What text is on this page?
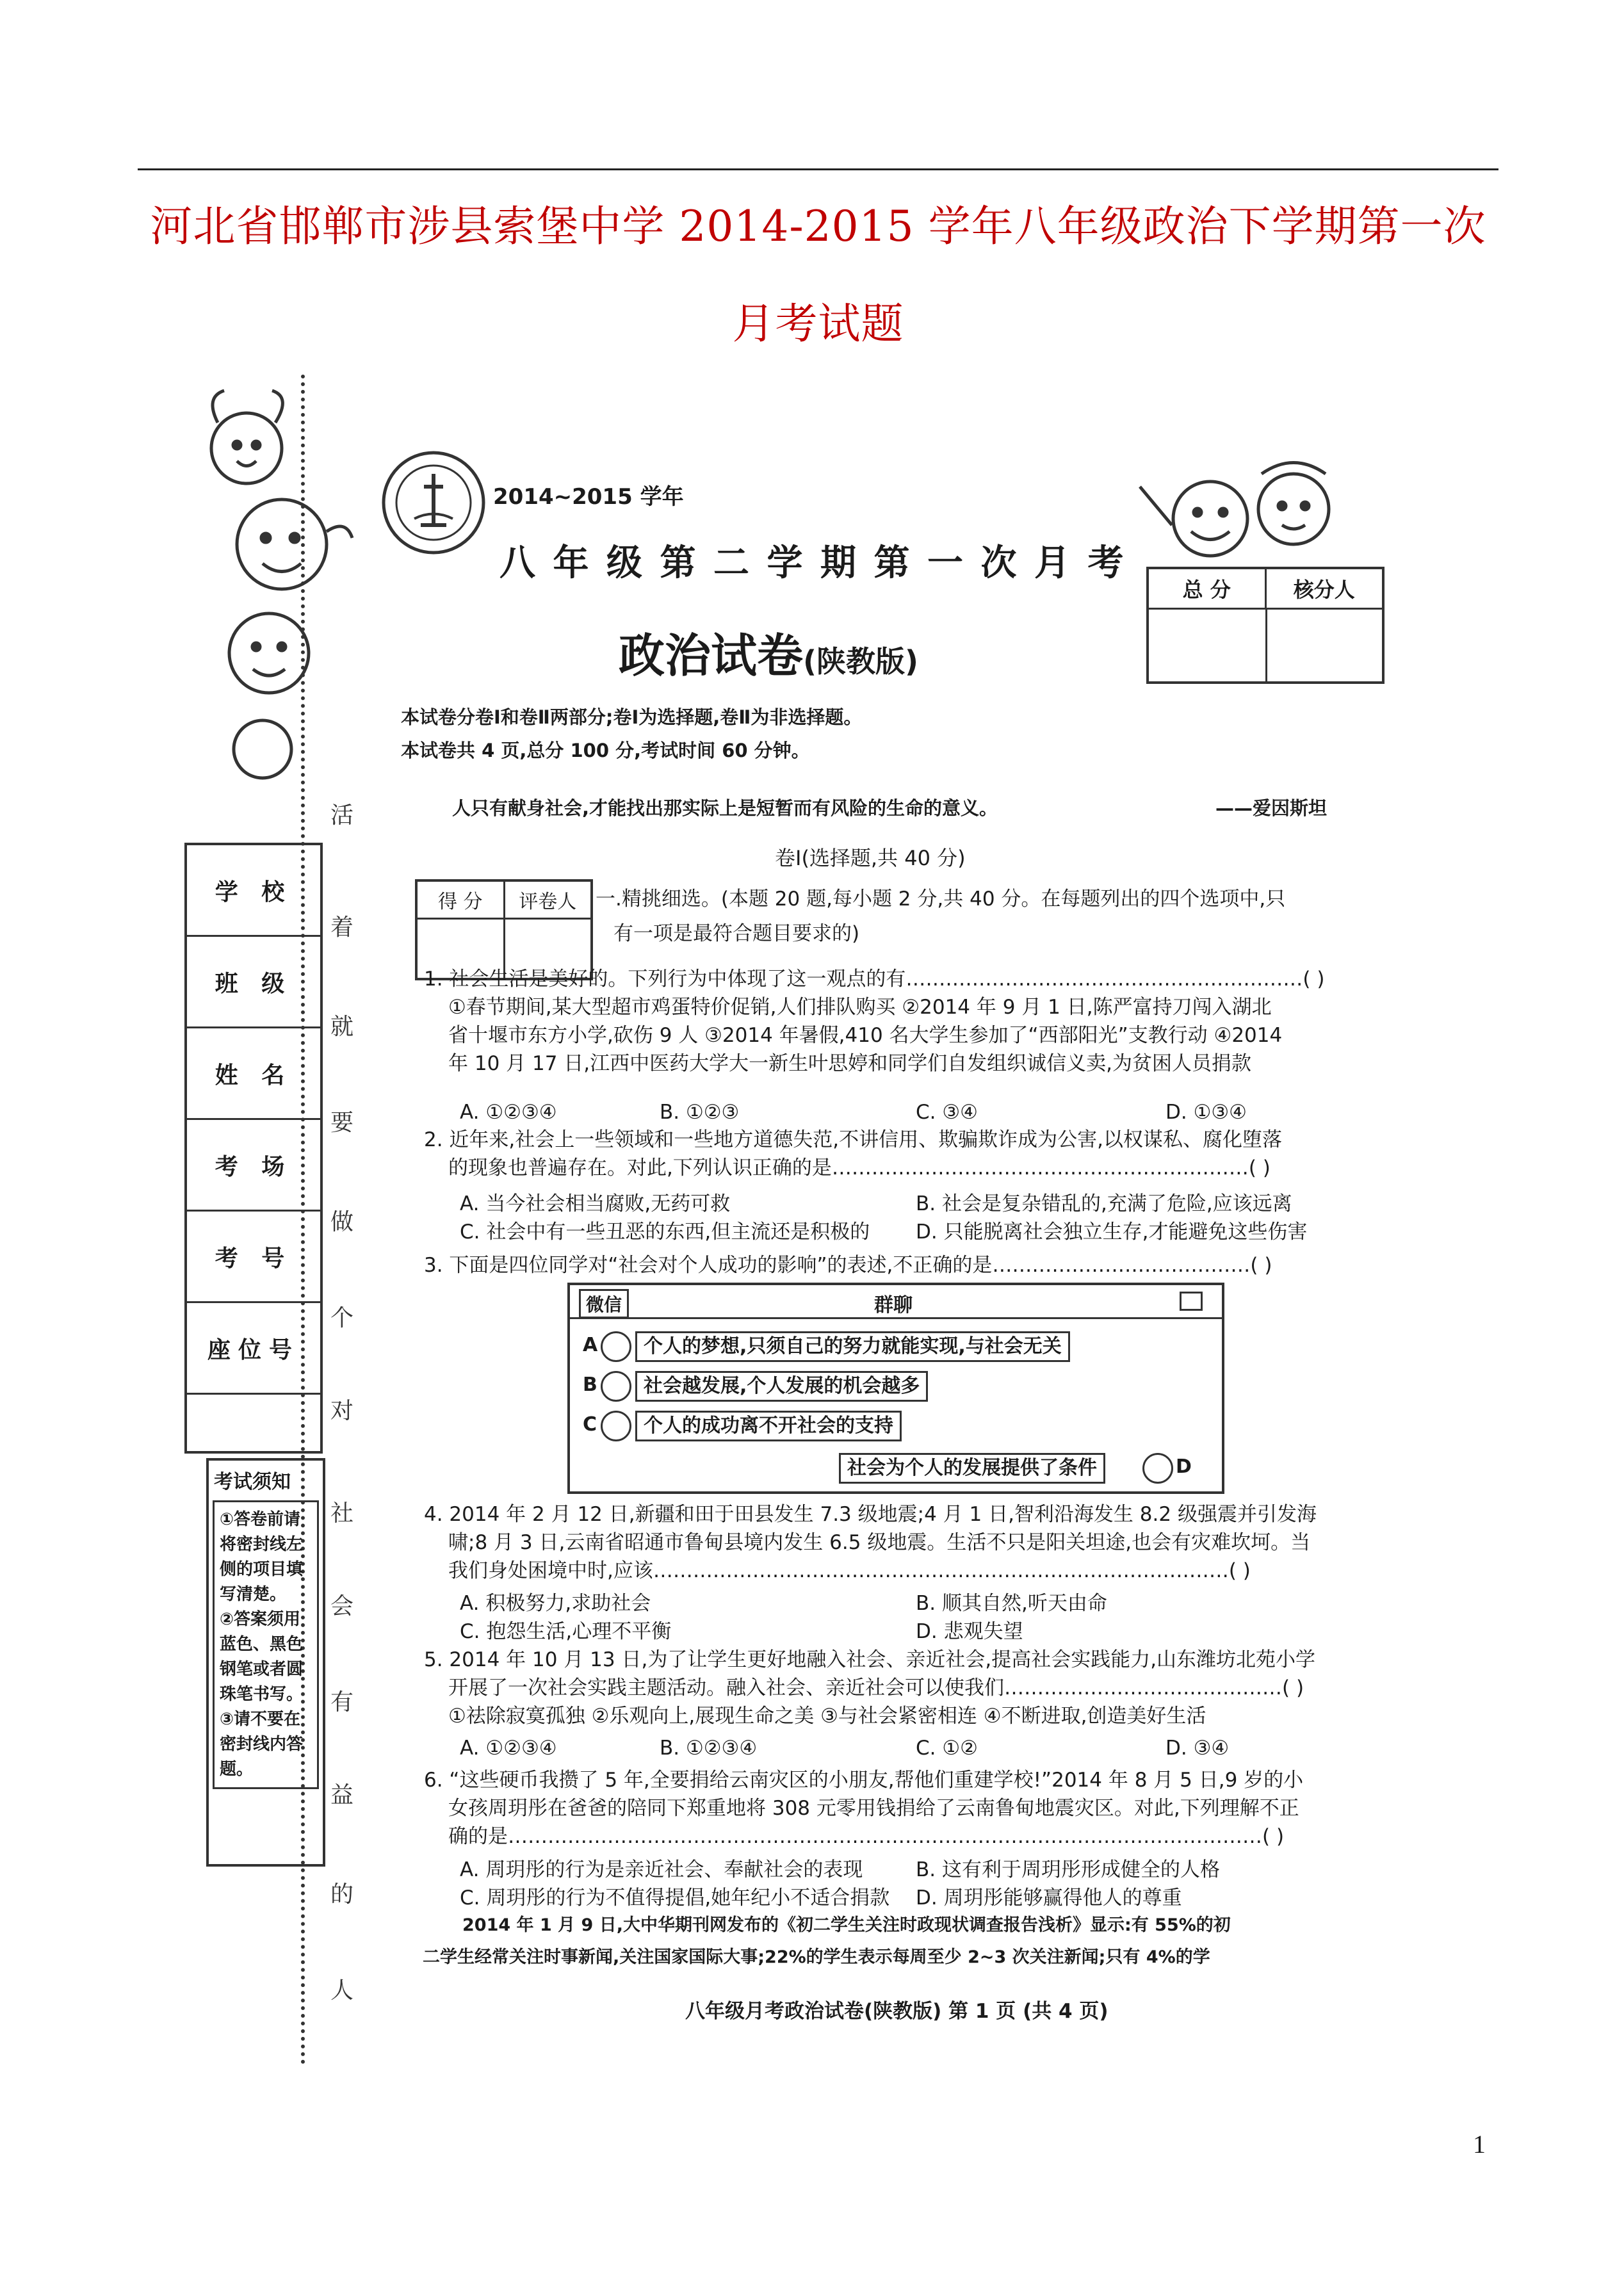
河北省邯郸市涉县索堡中学 2014-2015 学年八年级政治下学期第一次
月考试题
活
着
就
要
做
个
对
社
会
有
益
的
人
学 校
班 级
姓 名
考 场
考 号
座位号
考试须知
①答卷前请将密封线左侧的项目填写清楚。
②答案须用蓝色、黑色钢笔或者圆珠笔书写。
③请不要在密封线内答题。
2014~2015 学年
八 年 级 第 二 学 期 第 一 次 月 考
政治试卷(陕教版)
总 分	核分人
本试卷分卷Ⅰ和卷Ⅱ两部分;卷Ⅰ为选择题,卷Ⅱ为非选择题。
本试卷共 4 页,总分 100 分,考试时间 60 分钟。
人只有献身社会,才能找出那实际上是短暂而有风险的生命的意义。	——爱因斯坦
卷Ⅰ(选择题,共 40 分)
得 分	评卷人 一.精挑细选。(本题 20 题,每小题 2 分,共 40 分。在每题列出的四个选项中,只
有一项是最符合题目要求的)
1. 社会生活是美好的。下列行为中体现了这一观点的有……………………………………………………( )
①春节期间,某大型超市鸡蛋特价促销,人们排队购买 ②2014 年 9 月 1 日,陈严富持刀闯入湖北
省十堰市东方小学,砍伤 9 人 ③2014 年暑假,410 名大学生参加了“西部阳光”支教行动 ④2014
年 10 月 17 日,江西中医药大学大一新生叶思婷和同学们自发组织诚信义卖,为贫困人员捐款
A. ①②③④	B. ①②③	C. ③④	D. ①③④
2. 近年来,社会上一些领域和一些地方道德失范,不讲信用、欺骗欺诈成为公害,以权谋私、腐化堕落
的现象也普遍存在。对此,下列认识正确的是………………………………………………………( )
A. 当今社会相当腐败,无药可救	B. 社会是复杂错乱的,充满了危险,应该远离
C. 社会中有一些丑恶的东西,但主流还是积极的 D. 只能脱离社会独立生存,才能避免这些伤害
3. 下面是四位同学对“社会对个人成功的影响”的表述,不正确的是…………………………………( )
4. 2014 年 2 月 12 日,新疆和田于田县发生 7.3 级地震;4 月 1 日,智利沿海发生 8.2 级强震并引发海
啸;8 月 3 日,云南省昭通市鲁甸县境内发生 6.5 级地震。生活不只是阳关坦途,也会有灾难坎坷。当
我们身处困境中时,应该……………………………………………………………………………( )
A. 积极努力,求助社会	B. 顺其自然,听天由命
C. 抱怨生活,心理不平衡	D. 悲观失望
5. 2014 年 10 月 13 日,为了让学生更好地融入社会、亲近社会,提高社会实践能力,山东潍坊北苑小学
开展了一次社会实践主题活动。融入社会、亲近社会可以使我们……………………………………( )
①祛除寂寞孤独 ②乐观向上,展现生命之美 ③与社会紧密相连 ④不断进取,创造美好生活
A. ①②③④	B. ①②③④	C. ①②	D. ③④
6. “这些硬币我攒了 5 年,全要捐给云南灾区的小朋友,帮他们重建学校!”2014 年 8 月 5 日,9 岁的小
女孩周玥彤在爸爸的陪同下郑重地将 308 元零用钱捐给了云南鲁甸地震灾区。对此,下列理解不正
确的是……………………………………………………………………………………………………( )
A. 周玥彤的行为是亲近社会、奉献社会的表现	B. 这有利于周玥彤形成健全的人格
C. 周玥彤的行为不值得提倡,她年纪小不适合捐款 D. 周玥彤能够赢得他人的尊重
微信	群聊
A	个人的梦想,只须自己的努力就能实现,与社会无关
B	社会越发展,个人发展的机会越多
C	个人的成功离不开社会的支持
社会为个人的发展提供了条件	D
2014 年 1 月 9 日,大中华期刊网发布的《初二学生关注时政现状调查报告浅析》显示:有 55%的初
二学生经常关注时事新闻,关注国家国际大事;22%的学生表示每周至少 2~3 次关注新闻;只有 4%的学
八年级月考政治试卷(陕教版) 第 1 页 (共 4 页)
1
